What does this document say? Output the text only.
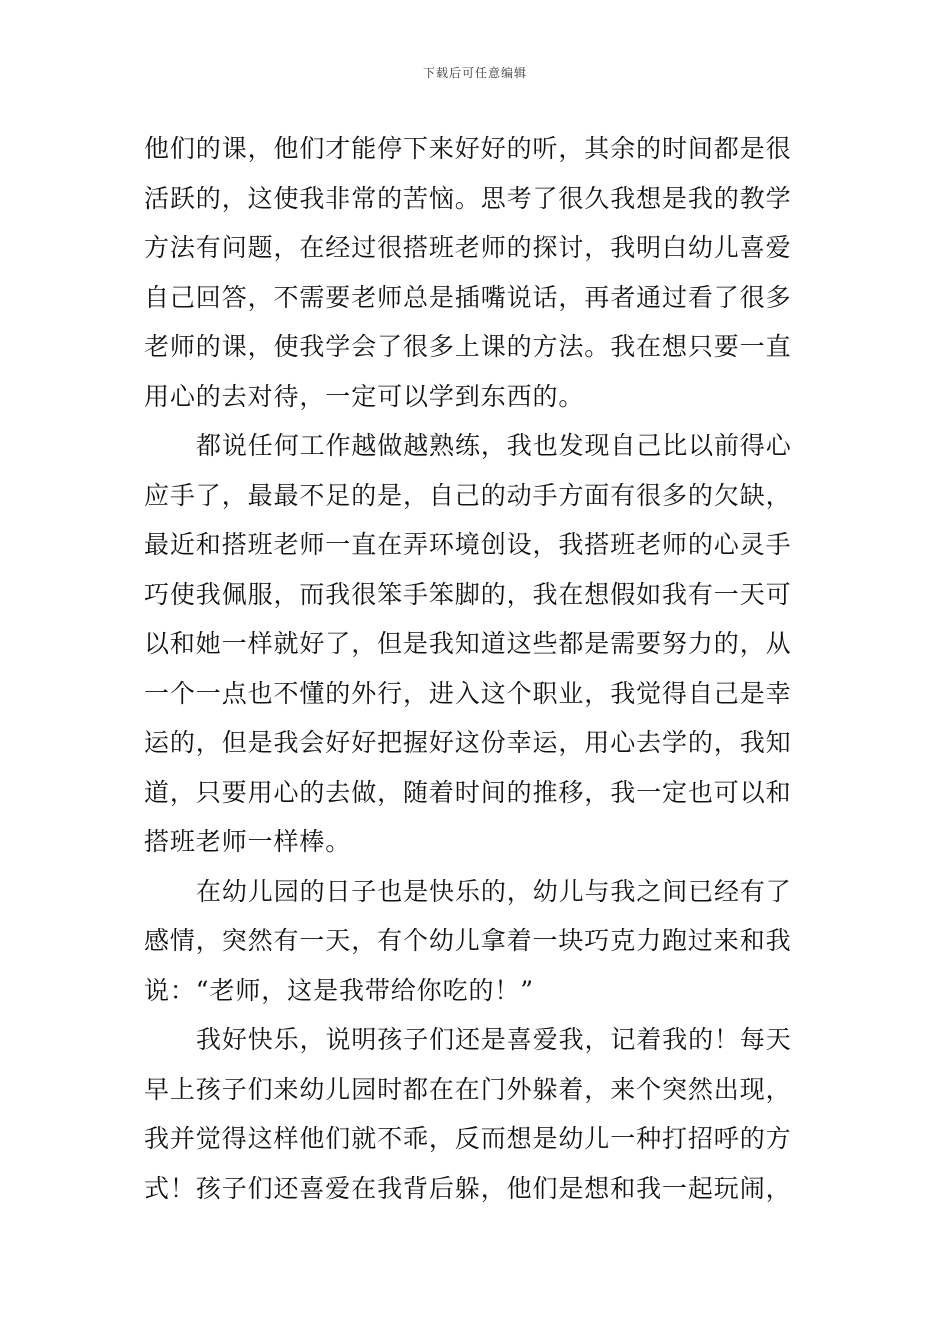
下载后可任意编辑
他们的课，他们才能停下来好好的听，其余的时间都是很
活跃的，这使我非常的苦恼。思考了很久我想是我的教学
方法有问题，在经过很搭班老师的探讨，我明白幼儿喜爱
自己回答，不需要老师总是插嘴说话，再者通过看了很多
老师的课，使我学会了很多上课的方法。我在想只要一直
用心的去对待，一定可以学到东西的。
都说任何工作越做越熟练，我也发现自己比以前得心
应手了，最最不足的是，自己的动手方面有很多的欠缺，
最近和搭班老师一直在弄环境创设，我搭班老师的心灵手
巧使我佩服，而我很笨手笨脚的，我在想假如我有一天可
以和她一样就好了，但是我知道这些都是需要努力的，从
一个一点也不懂的外行，进入这个职业，我觉得自己是幸
运的，但是我会好好把握好这份幸运，用心去学的，我知
道，只要用心的去做，随着时间的推移，我一定也可以和
搭班老师一样棒。
在幼儿园的日子也是快乐的，幼儿与我之间已经有了
感情，突然有一天，有个幼儿拿着一块巧克力跑过来和我
说：“老师，这是我带给你吃的！”
我好快乐，说明孩子们还是喜爱我，记着我的！每天
早上孩子们来幼儿园时都在在门外躲着，来个突然出现，
我并觉得这样他们就不乖，反而想是幼儿一种打招呼的方
式！孩子们还喜爱在我背后躲，他们是想和我一起玩闹，
